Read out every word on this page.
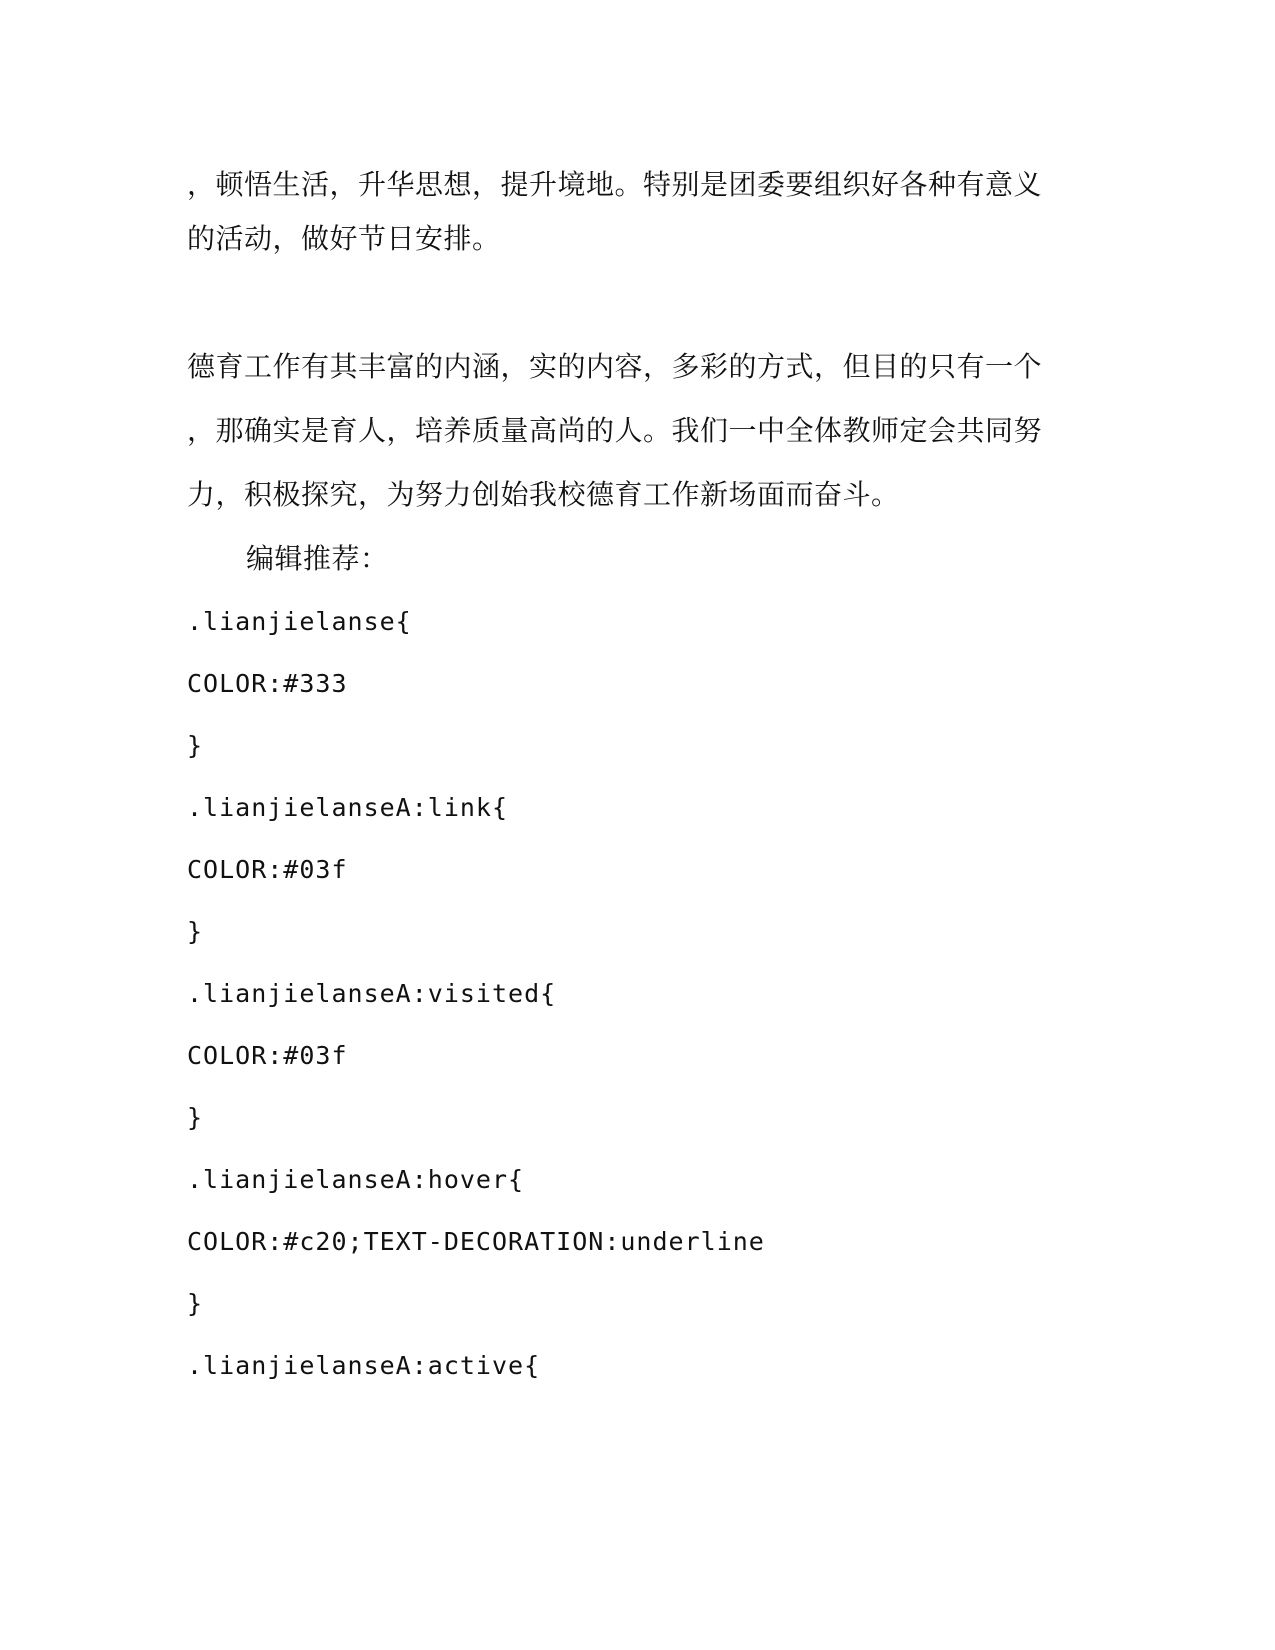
，顿悟生活，升华思想，提升境地。特别是团委要组织好各种有意义
的活动，做好节日安排。
德育工作有其丰富的内涵，实的内容，多彩的方式，但目的只有一个
，那确实是育人，培养质量高尚的人。我们一中全体教师定会共同努
力，积极探究，为努力创始我校德育工作新场面而奋斗。
编辑推荐：
.lianjielanse{
COLOR:#333
}
.lianjielanseA:link{
COLOR:#03f
}
.lianjielanseA:visited{
COLOR:#03f
}
.lianjielanseA:hover{
COLOR:#c20;TEXT-DECORATION:underline
}
.lianjielanseA:active{
